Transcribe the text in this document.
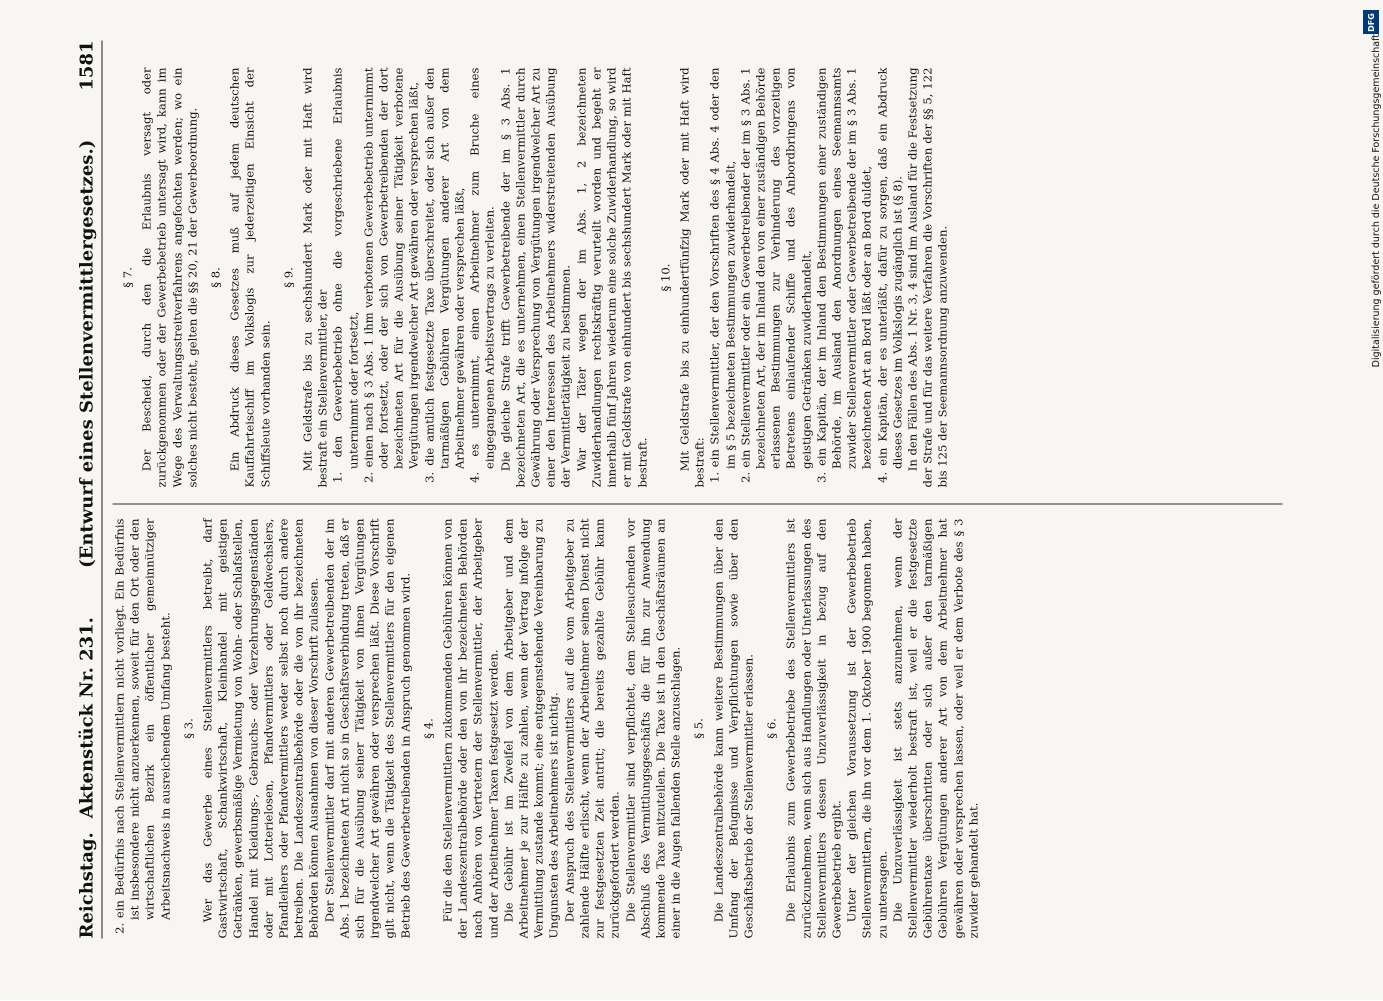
Reichstag.
Aktenstück Nr. 231.
(Entwurf eines Stellenvermittlergesetzes.)
1581

2. ein Bedürfnis nach Stellenvermittlern nicht vorliegt. Ein Bedürfnis ist insbesondere nicht anzuerkennen, soweit für den Ort oder den wirtschaftlichen Bezirk ein öffentlicher gemeinnütziger Arbeitsnachweis in ausreichendem Umfang besteht. § 3. Wer das Gewerbe eines Stellenvermittlers betreibt, darf Gastwirtschaft, Schankwirtschaft, Kleinhandel mit geistigen Getränken, gewerbsmäßige Vermietung von Wohn- oder Schlafstellen, Handel mit Kleidungs-, Gebrauchs- oder Verzehrungsgegenständen oder mit Lotterielosen, Pfandvermittlers oder Geldwechslers, Pfandleihers oder Pfandvermittlers weder selbst noch durch andere betreiben. Die Landeszentralbehörde oder die von ihr bezeichneten Behörden können Ausnahmen von dieser Vorschrift zulassen. Der Stellenvermittler darf mit anderen Gewerbetreibenden der im Abs. 1 bezeichneten Art nicht so in Geschäftsverbindung treten, daß er sich für die Ausübung seiner Tätigkeit von ihnen Vergütungen irgendwelcher Art gewähren oder versprechen läßt. Diese Vorschrift gilt nicht, wenn die Tätigkeit des Stellenvermittlers für den eigenen Betrieb des Gewerbetreibenden in Anspruch genommen wird. § 4. Für die den Stellenvermittlern zukommenden Gebühren können von der Landeszentralbehörde oder den von ihr bezeichneten Behörden nach Anhören von Vertretern der Stellenvermittler, der Arbeitgeber und der Arbeitnehmer Taxen festgesetzt werden. Die Gebühr ist im Zweifel von dem Arbeitgeber und dem Arbeitnehmer je zur Hälfte zu zahlen, wenn der Vertrag infolge der Vermittlung zustande kommt; eine entgegenstehende Vereinbarung zu Ungunsten des Arbeitnehmers ist nichtig. Der Anspruch des Stellenvermittlers auf die vom Arbeitgeber zu zahlende Hälfte erlischt, wenn der Arbeitnehmer seinen Dienst nicht zur festgesetzten Zeit antritt; die bereits gezahlte Gebühr kann zurückgefordert werden. Die Stellenvermittler sind verpflichtet, dem Stellesuchenden vor Abschluß des Vermittlungsgeschäfts die für ihn zur Anwendung kommende Taxe mitzuteilen. Die Taxe ist in den Geschäftsräumen an einer in die Augen fallenden Stelle anzuschlagen. § 5. Die Landeszentralbehörde kann weitere Bestimmungen über den Umfang der Befugnisse und Verpflichtungen sowie über den Geschäftsbetrieb der Stellenvermittler erlassen. § 6. Die Erlaubnis zum Gewerbebetriebe des Stellenvermittlers ist zurückzunehmen, wenn sich aus Handlungen oder Unterlassungen des Stellenvermittlers dessen Unzuverlässigkeit in bezug auf den Gewerbebetrieb ergibt. Unter der gleichen Voraussetzung ist der Gewerbebetrieb Stellenvermittlern, die ihn vor dem 1. Oktober 1900 begonnen haben, zu untersagen. Die Unzuverlässigkeit ist stets anzunehmen, wenn der Stellenvermittler wiederholt bestraft ist, weil er die festgesetzte Gebührentaxe überschritten oder sich außer den tarmäßigen Gebühren Vergütungen anderer Art von dem Arbeitnehmer hat gewähren oder versprechen lassen, oder weil er dem Verbote des § 3 zuwider gehandelt hat.

§ 7. Der Bescheid, durch den die Erlaubnis versagt oder zurückgenommen oder der Gewerbebetrieb untersagt wird, kann im Wege des Verwaltungsstreitverfahrens angefochten werden; wo ein solches nicht besteht, gelten die §§ 20, 21 der Gewerbeordnung. § 8. Ein Abdruck dieses Gesetzes muß auf jedem deutschen Kauffahrteischiff im Volkslogis zur jederzeitigen Einsicht der Schiffsleute vorhanden sein.

§ 9. Mit Geldstrafe bis zu sechshundert Mark oder mit Haft wird bestraft ein Stellenvermittler, der 1. den Gewerbebetrieb ohne die vorgeschriebene Erlaubnis unternimmt oder fortsetzt, 2. einen nach § 3 Abs. 1 ihm verbotenen Gewerbebetrieb unternimmt oder fortsetzt, oder der sich von Gewerbetreibenden der dort bezeichneten Art für die Ausübung seiner Tätigkeit verbotene Vergütungen irgendwelcher Art gewähren oder versprechen läßt, 3. die amtlich festgesetzte Taxe überschreitet, oder sich außer den tarmäßigen Gebühren Vergütungen anderer Art von dem Arbeitnehmer gewähren oder versprechen läßt, 4. es unternimmt, einen Arbeitnehmer zum Bruche eines eingegangenen Arbeitsvertrags zu verleiten. Die gleiche Strafe trifft Gewerbetreibende der im § 3 Abs. 1 bezeichneten Art, die es unternehmen, einen Stellenvermittler durch Gewährung oder Versprechung von Vergütungen irgendwelcher Art zu einer den Interessen des Arbeitnehmers widerstreitenden Ausübung der Vermittlertätigkeit zu bestimmen. War der Täter wegen der im Abs. 1, 2 bezeichneten Zuwiderhandlungen rechtskräftig verurteilt worden und begeht er innerhalb fünf Jahren wiederum eine solche Zuwiderhandlung, so wird er mit Geldstrafe von einhundert bis sechshundert Mark oder mit Haft bestraft.

§ 10. Mit Geldstrafe bis zu einhundertfünfzig Mark oder mit Haft wird bestraft: 1. ein Stellenvermittler, der den Vorschriften des § 4 Abs. 4 oder den im § 5 bezeichneten Bestimmungen zuwiderhandelt, 2. ein Stellenvermittler oder ein Gewerbetreibender der im § 3 Abs. 1 bezeichneten Art, der im Inland den von einer zuständigen Behörde erlassenen Bestimmungen zur Verhinderung des vorzeitigen Betretens einlaufender Schiffe und des Anbordbringens von geistigen Getränken zuwiderhandelt, 3. ein Kapitän, der im Inland den Bestimmungen einer zuständigen Behörde, im Ausland den Anordnungen eines Seemannsamts zuwider Stellenvermittler oder Gewerbetreibende der im § 3 Abs. 1 bezeichneten Art an Bord läßt oder an Bord duldet, 4. ein Kapitän, der es unterläßt, dafür zu sorgen, daß ein Abdruck dieses Gesetzes im Volkslogis zugänglich ist (§ 8). In den Fällen des Abs. 1 Nr. 3, 4 sind im Ausland für die Festsetzung der Strafe und für das weitere Verfahren die Vorschriften der §§ 5, 122 bis 125 der Seemannsordnung anzuwenden.

DFG
Digitalisierung gefördert durch die Deutsche Forschungsgemeinschaft
